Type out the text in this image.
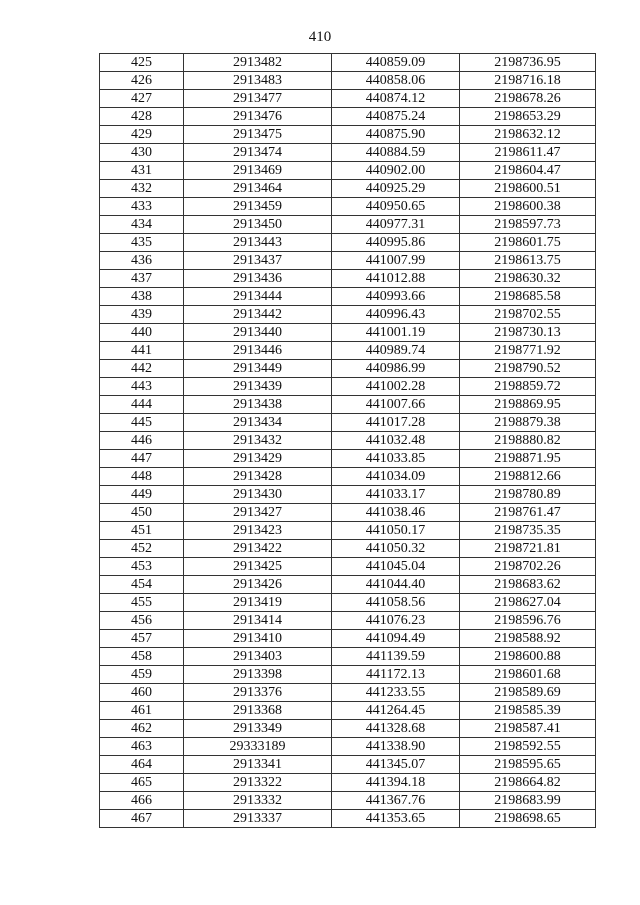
410
425	2913482	440859.09	2198736.95
426	2913483	440858.06	2198716.18
427	2913477	440874.12	2198678.26
428	2913476	440875.24	2198653.29
429	2913475	440875.90	2198632.12
430	2913474	440884.59	2198611.47
431	2913469	440902.00	2198604.47
432	2913464	440925.29	2198600.51
433	2913459	440950.65	2198600.38
434	2913450	440977.31	2198597.73
435	2913443	440995.86	2198601.75
436	2913437	441007.99	2198613.75
437	2913436	441012.88	2198630.32
438	2913444	440993.66	2198685.58
439	2913442	440996.43	2198702.55
440	2913440	441001.19	2198730.13
441	2913446	440989.74	2198771.92
442	2913449	440986.99	2198790.52
443	2913439	441002.28	2198859.72
444	2913438	441007.66	2198869.95
445	2913434	441017.28	2198879.38
446	2913432	441032.48	2198880.82
447	2913429	441033.85	2198871.95
448	2913428	441034.09	2198812.66
449	2913430	441033.17	2198780.89
450	2913427	441038.46	2198761.47
451	2913423	441050.17	2198735.35
452	2913422	441050.32	2198721.81
453	2913425	441045.04	2198702.26
454	2913426	441044.40	2198683.62
455	2913419	441058.56	2198627.04
456	2913414	441076.23	2198596.76
457	2913410	441094.49	2198588.92
458	2913403	441139.59	2198600.88
459	2913398	441172.13	2198601.68
460	2913376	441233.55	2198589.69
461	2913368	441264.45	2198585.39
462	2913349	441328.68	2198587.41
463	29333189	441338.90	2198592.55
464	2913341	441345.07	2198595.65
465	2913322	441394.18	2198664.82
466	2913332	441367.76	2198683.99
467	2913337	441353.65	2198698.65
